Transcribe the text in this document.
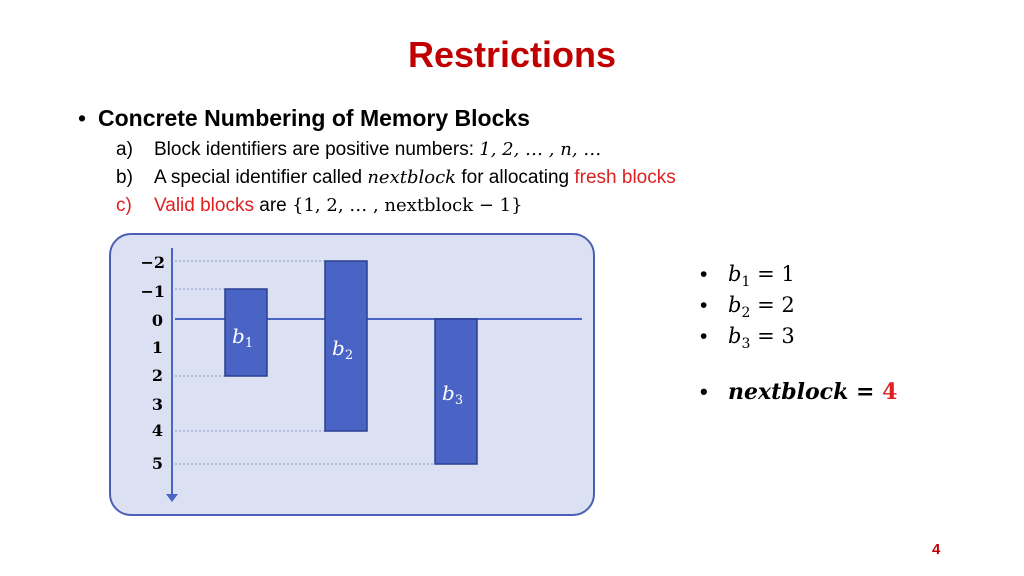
Restrictions
• Concrete Numbering of Memory Blocks
a) Block identifiers are positive numbers: 1, 2, … , n, …
b) A special identifier called nextblock for allocating fresh blocks
c) Valid blocks are {1, 2, … , nextblock − 1}
−2
−1
0
1
2
3
4
5
$b_1$	$b_2$
$b_3$
• $b_1 = 1$
• $b_2 = 2$
• $b_3 = 3$
• nextblock = 4
4
